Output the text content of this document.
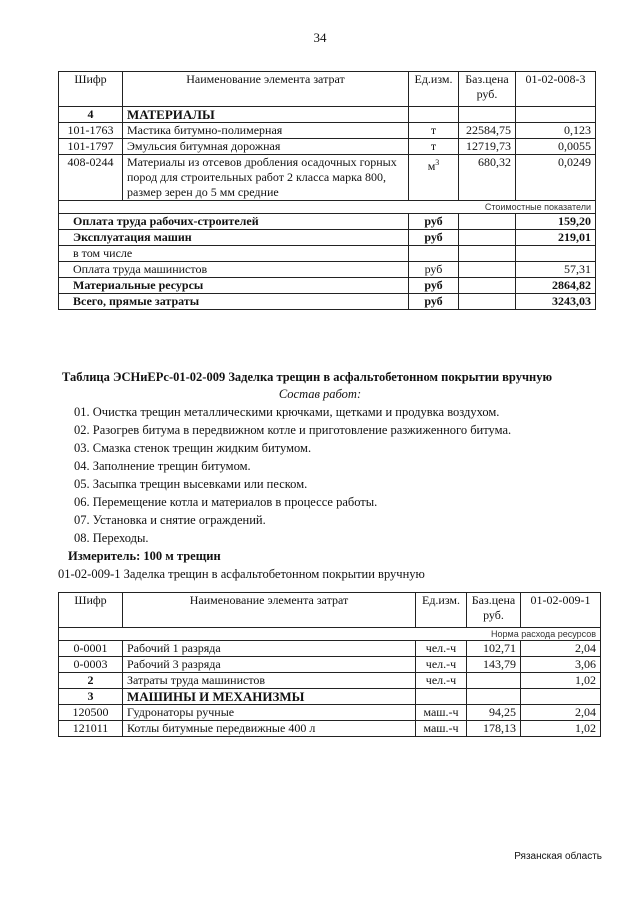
34
Шифр	Наименование элемента затрат	Ед.изм.	Баз.цена руб.	01-02-008-3
4	МАТЕРИАЛЫ			
101-1763	Мастика битумно-полимерная	т	22584,75	0,123
101-1797	Эмульсия битумная дорожная	т	12719,73	0,0055
408-0244	Материалы из отсевов дробления осадочных горных пород для строительных работ 2 класса марка 800, размер зерен до 5 мм средние	$м^3$	680,32	0,0249
Стоимостные показатели				
Оплата труда рабочих-строителей		руб		159,20
Эксплуатация машин		руб		219,01
в том числе				
Оплата труда машинистов		руб		57,31
Материальные ресурсы		руб		2864,82
Всего, прямые затраты		руб		3243,03
Таблица ЭСНиЕРс-01-02-009 Заделка трещин в асфальтобетонном покрытии вручную
Состав работ:
01. Очистка трещин металлическими крючками, щетками и продувка воздухом.
02. Разогрев битума в передвижном котле и приготовление разжиженного битума.
03. Смазка стенок трещин жидким битумом.
04. Заполнение трещин битумом.
05. Засыпка трещин высевками или песком.
06. Перемещение котла и материалов в процессе работы.
07. Установка и снятие ограждений.
08. Переходы.
Измеритель: 100 м трещин
01-02-009-1 Заделка трещин в асфальтобетонном покрытии вручную
Шифр	Наименование элемента затрат	Ед.изм.	Баз.цена руб.	01-02-009-1
Норма расхода ресурсов				
0-0001	Рабочий 1 разряда	чел.-ч	102,71	2,04
0-0003	Рабочий 3 разряда	чел.-ч	143,79	3,06
2	Затраты труда машинистов	чел.-ч		1,02
3	МАШИНЫ И МЕХАНИЗМЫ			
120500	Гудронаторы ручные	маш.-ч	94,25	2,04
121011	Котлы битумные передвижные 400 л	маш.-ч	178,13	1,02
Рязанская область
